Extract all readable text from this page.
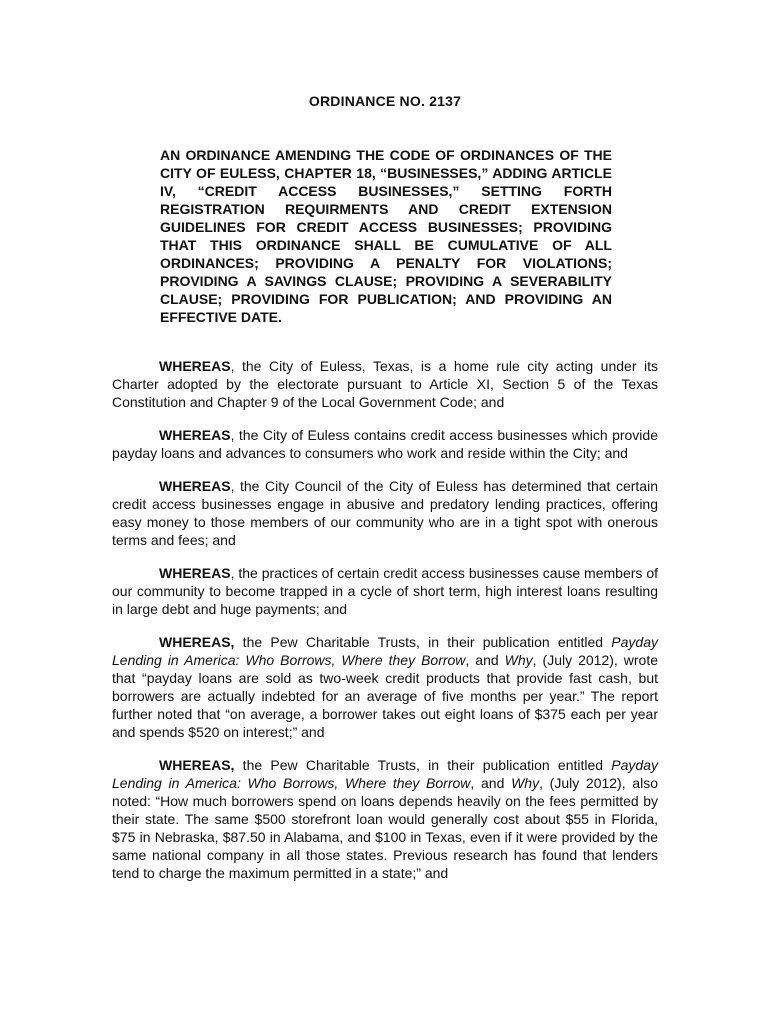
ORDINANCE NO. 2137

AN ORDINANCE AMENDING THE CODE OF ORDINANCES OF THE CITY OF EULESS, CHAPTER 18, “BUSINESSES,” ADDING ARTICLE IV, “CREDIT ACCESS BUSINESSES,” SETTING FORTH REGISTRATION REQUIRMENTS AND CREDIT EXTENSION GUIDELINES FOR CREDIT ACCESS BUSINESSES; PROVIDING THAT THIS ORDINANCE SHALL BE CUMULATIVE OF ALL ORDINANCES; PROVIDING A PENALTY FOR VIOLATIONS; PROVIDING A SAVINGS CLAUSE; PROVIDING A SEVERABILITY CLAUSE; PROVIDING FOR PUBLICATION; AND PROVIDING AN EFFECTIVE DATE.

WHEREAS, the City of Euless, Texas, is a home rule city acting under its Charter adopted by the electorate pursuant to Article XI, Section 5 of the Texas Constitution and Chapter 9 of the Local Government Code; and

WHEREAS, the City of Euless contains credit access businesses which provide payday loans and advances to consumers who work and reside within the City; and

WHEREAS, the City Council of the City of Euless has determined that certain credit access businesses engage in abusive and predatory lending practices, offering easy money to those members of our community who are in a tight spot with onerous terms and fees; and

WHEREAS, the practices of certain credit access businesses cause members of our community to become trapped in a cycle of short term, high interest loans resulting in large debt and huge payments; and

WHEREAS, the Pew Charitable Trusts, in their publication entitled Payday Lending in America: Who Borrows, Where they Borrow, and Why, (July 2012), wrote that “payday loans are sold as two-week credit products that provide fast cash, but borrowers are actually indebted for an average of five months per year.” The report further noted that “on average, a borrower takes out eight loans of $375 each per year and spends $520 on interest;” and

WHEREAS, the Pew Charitable Trusts, in their publication entitled Payday Lending in America: Who Borrows, Where they Borrow, and Why, (July 2012), also noted: “How much borrowers spend on loans depends heavily on the fees permitted by their state. The same $500 storefront loan would generally cost about $55 in Florida, $75 in Nebraska, $87.50 in Alabama, and $100 in Texas, even if it were provided by the same national company in all those states. Previous research has found that lenders tend to charge the maximum permitted in a state;” and
